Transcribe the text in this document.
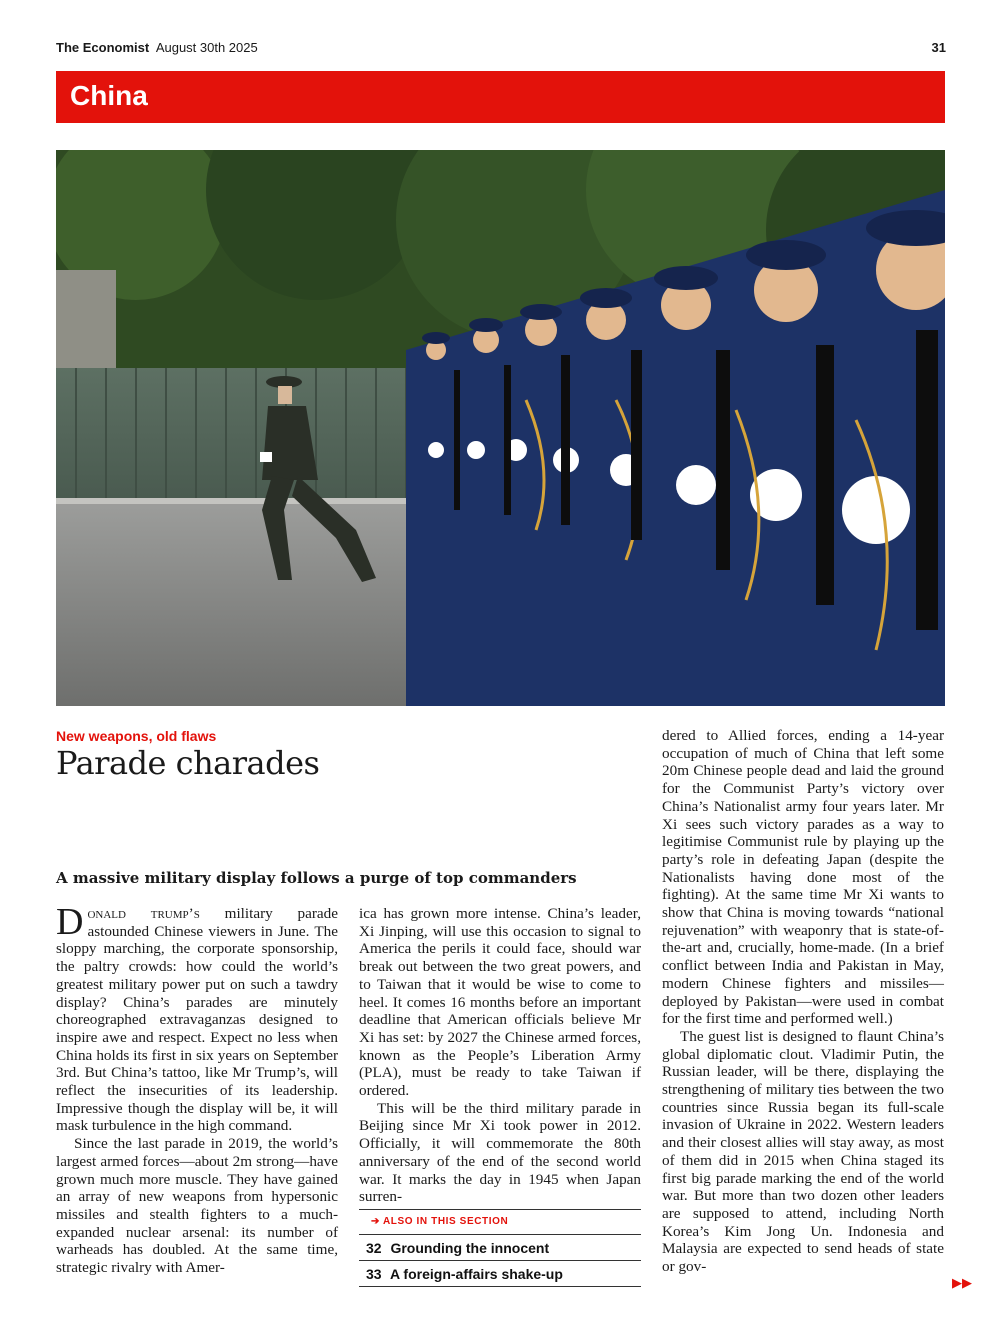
The Economist August 30th 2025	31
China
New weapons, old flaws
Parade charades
A massive military display follows a purge of top commanders

Donald trump’s military parade astounded Chinese viewers in June. The sloppy marching, the corporate sponsorship, the paltry crowds: how could the world’s greatest military power put on such a tawdry display? China’s parades are minutely choreographed extravaganzas designed to inspire awe and respect. Expect no less when China holds its first in six years on September 3rd. But China’s tattoo, like Mr Trump’s, will reflect the insecurities of its leadership. Impressive though the display will be, it will mask turbulence in the high command.

Since the last parade in 2019, the world’s largest armed forces—about 2m strong—have grown much more muscle. They have gained an array of new weapons from hypersonic missiles and stealth fighters to a much-expanded nuclear arsenal: its number of warheads has doubled. At the same time, strategic rivalry with Amer-

ica has grown more intense. China’s leader, Xi Jinping, will use this occasion to signal to America the perils it could face, should war break out between the two great powers, and to Taiwan that it would be wise to come to heel. It comes 16 months before an important deadline that American officials believe Mr Xi has set: by 2027 the Chinese armed forces, known as the People’s Liberation Army (PLA), must be ready to take Taiwan if ordered.

This will be the third military parade in Beijing since Mr Xi took power in 2012. Officially, it will commemorate the 80th anniversary of the end of the second world war. It marks the day in 1945 when Japan surren-

dered to Allied forces, ending a 14-year occupation of much of China that left some 20m Chinese people dead and laid the ground for the Communist Party’s victory over China’s Nationalist army four years later. Mr Xi sees such victory parades as a way to legitimise Communist rule by playing up the party’s role in defeating Japan (despite the Nationalists having done most of the fighting). At the same time Mr Xi wants to show that China is moving towards “national rejuvenation” with weaponry that is state-of-the-art and, crucially, home-made. (In a brief conflict between India and Pakistan in May, modern Chinese fighters and missiles—deployed by Pakistan—were used in combat for the first time and performed well.)

The guest list is designed to flaunt China’s global diplomatic clout. Vladimir Putin, the Russian leader, will be there, displaying the strengthening of military ties between the two countries since Russia began its full-scale invasion of Ukraine in 2022. Western leaders and their closest allies will stay away, as most of them did in 2015 when China staged its first big parade marking the end of the world war. But more than two dozen other leaders are supposed to attend, including North Korea’s Kim Jong Un. Indonesia and Malaysia are expected to send heads of state or gov-

➔ ALSO IN THIS SECTION
32 Grounding the innocent
33 A foreign-affairs shake-up
▶▶
